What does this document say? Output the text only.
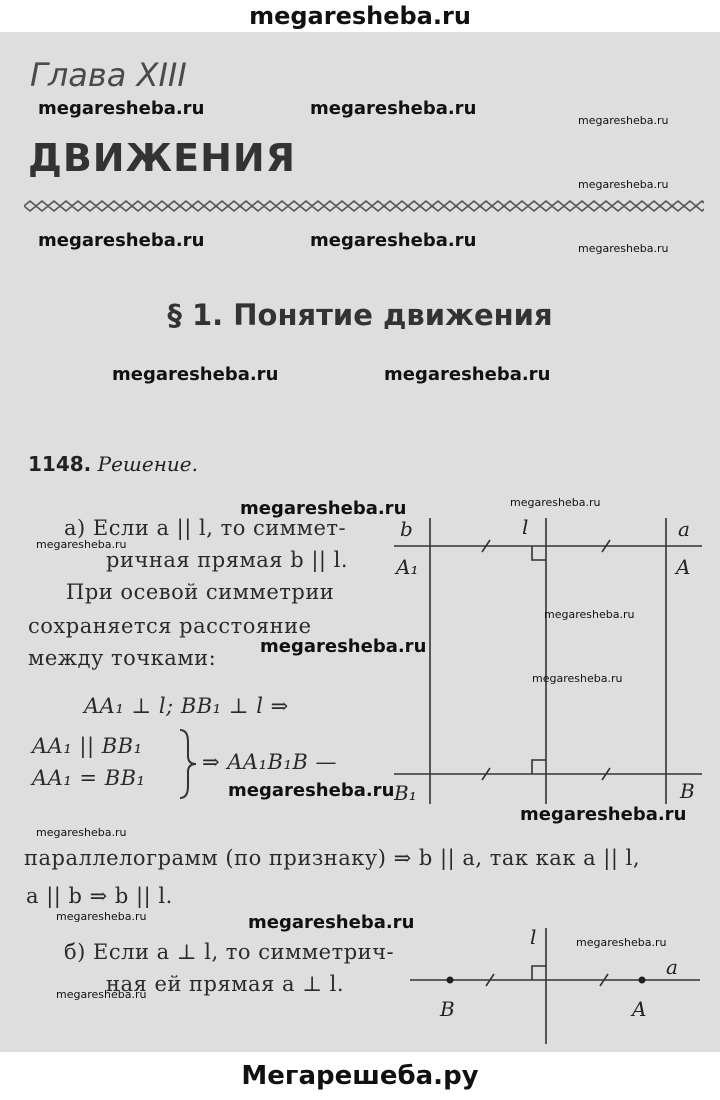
megaresheba.ru
Глава XIII
ДВИЖЕНИЯ
§ 1. Понятие движения
1148. Решение.
а) Если a || l, то симмет-
ричная прямая b || l.
При осевой симметрии
сохраняется расстояние
между точками:
AA₁ ⊥ l; BB₁ ⊥ l ⇒
AA₁ || BB₁
AA₁ = BB₁
⇒ AA₁B₁B —
параллелограмм (по признаку) ⇒ b || a, так как a || l,
a || b ⇒ b || l.
б) Если a ⊥ l, то симметрич-
ная ей прямая a ⊥ l.
b	l	a
A₁	A
B₁	B
l
a
B	A
megaresheba.ru	megaresheba.ru
megaresheba.ru
megaresheba.ru
megaresheba.ru	megaresheba.ru	megaresheba.ru
megaresheba.ru	megaresheba.ru
megaresheba.ru	megaresheba.ru
megaresheba.ru
megaresheba.ru
megaresheba.ru
megaresheba.ru
megaresheba.ru
megaresheba.ru
megaresheba.ru
megaresheba.ru
megaresheba.ru
megaresheba.ru
megaresheba.ru
Мегарешеба.ру
